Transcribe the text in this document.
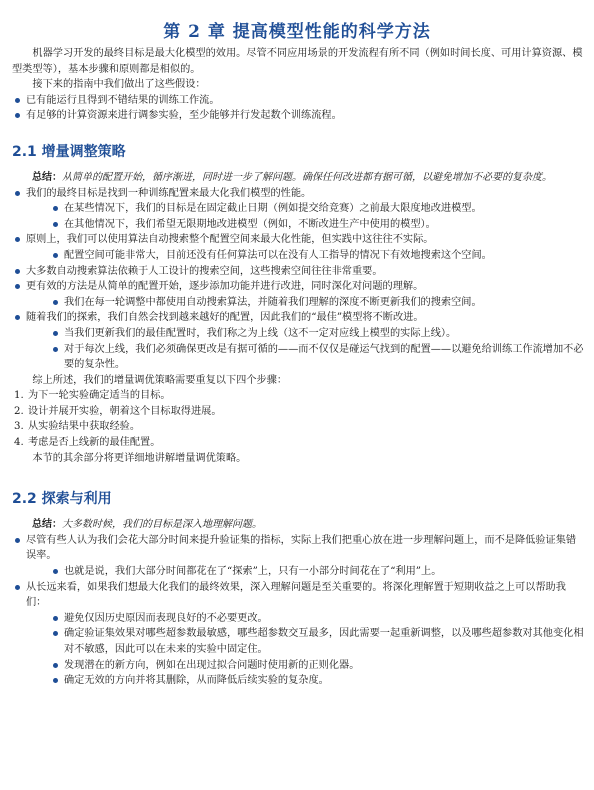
第 2 章 提高模型性能的科学方法

机器学习开发的最终目标是最大化模型的效用。尽管不同应用场景的开发流程有所不同（例如时间长度、可用计算资源、模型类型等），基本步骤和原则都是相似的。

接下来的指南中我们做出了这些假设：

已有能运行且得到不错结果的训练工作流。
有足够的计算资源来进行调参实验，至少能够并行发起数个训练流程。
2.1 增量调整策略

总结：从简单的配置开始，循序渐进，同时进一步了解问题。确保任何改进都有据可循，以避免增加不必要的复杂度。

我们的最终目标是找到一种训练配置来最大化我们模型的性能。
在某些情况下，我们的目标是在固定截止日期（例如提交给竞赛）之前最大限度地改进模型。
在其他情况下，我们希望无限期地改进模型（例如，不断改进生产中使用的模型）。
原则上，我们可以使用算法自动搜索整个配置空间来最大化性能，但实践中这往往不实际。
配置空间可能非常大，目前还没有任何算法可以在没有人工指导的情况下有效地搜索这个空间。
大多数自动搜索算法依赖于人工设计的搜索空间，这些搜索空间往往非常重要。
更有效的方法是从简单的配置开始，逐步添加功能并进行改进，同时深化对问题的理解。
我们在每一轮调整中都使用自动搜索算法，并随着我们理解的深度不断更新我们的搜索空间。
随着我们的探索，我们自然会找到越来越好的配置，因此我们的“最佳”模型将不断改进。
当我们更新我们的最佳配置时，我们称之为上线（这不一定对应线上模型的实际上线）。
对于每次上线，我们必须确保更改是有据可循的——而不仅仅是碰运气找到的配置——以避免给训练工作流增加不必要的复杂性。

综上所述，我们的增量调优策略需要重复以下四个步骤：

1. 为下一轮实验确定适当的目标。
2. 设计并展开实验，朝着这个目标取得进展。
3. 从实验结果中获取经验。
4. 考虑是否上线新的最佳配置。

本节的其余部分将更详细地讲解增量调优策略。

2.2 探索与利用

总结：大多数时候，我们的目标是深入地理解问题。

尽管有些人认为我们会花大部分时间来提升验证集的指标，实际上我们把重心放在进一步理解问题上，而不是降低验证集错误率。
也就是说，我们大部分时间都花在了“探索”上，只有一小部分时间花在了“利用”上。
从长远来看，如果我们想最大化我们的最终效果，深入理解问题是至关重要的。将深化理解置于短期收益之上可以帮助我们：
避免仅因历史原因而表现良好的不必要更改。
确定验证集效果对哪些超参数最敏感，哪些超参数交互最多，因此需要一起重新调整，以及哪些超参数对其他变化相对不敏感，因此可以在未来的实验中固定住。
发现潜在的新方向，例如在出现过拟合问题时使用新的正则化器。
确定无效的方向并将其删除，从而降低后续实验的复杂度。
